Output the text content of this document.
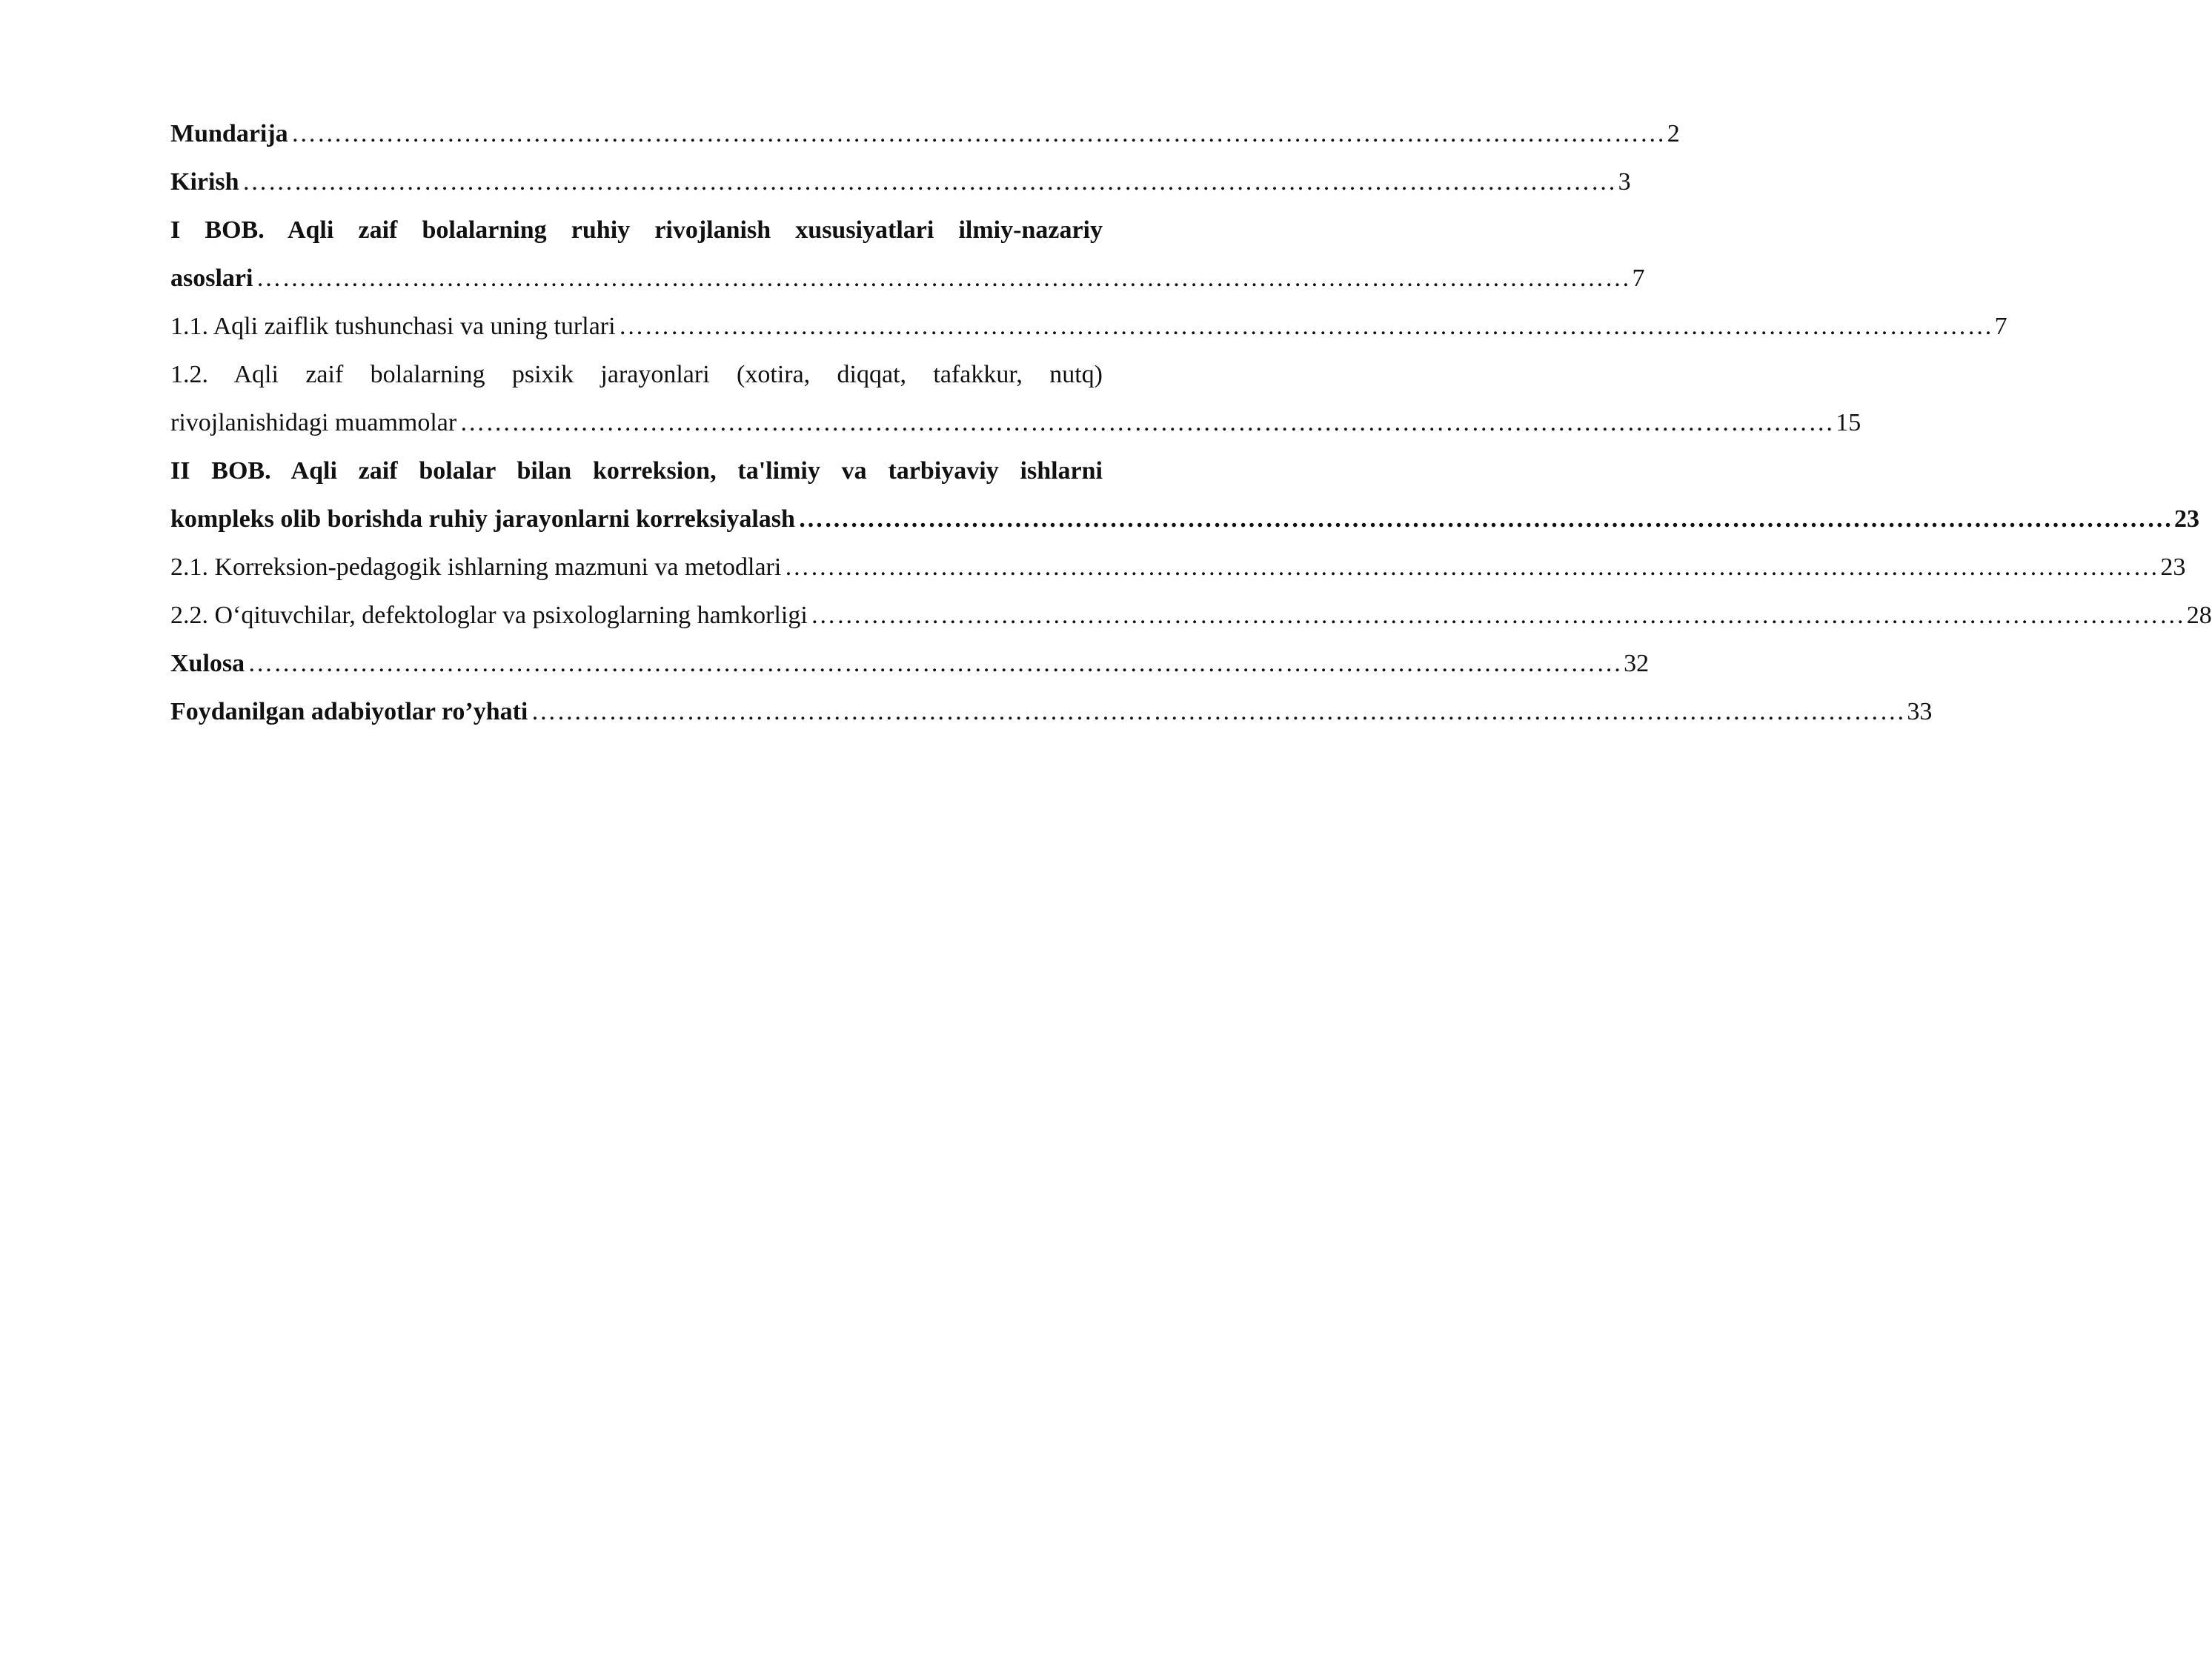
Mundarija …………………………………………………………………………………………………………………………………………… 2
Kirish …………………………………………………………………………………………………………………………………………… 3
I BOB. Aqli zaif bolalarning ruhiy rivojlanish xususiyatlari ilmiy-nazariy
asoslari …………………………………………………………………………………………………………………………………………… 7
1.1. Aqli zaiflik tushunchasi va uning turlari …………………………………………………………………………………………………………………………………………… 7
1.2. Aqli zaif bolalarning psixik jarayonlari (xotira, diqqat, tafakkur, nutq)
rivojlanishidagi muammolar …………………………………………………………………………………………………………………………………………… 15
II BOB. Aqli zaif bolalar bilan korreksion, ta'limiy va tarbiyaviy ishlarni
kompleks olib borishda ruhiy jarayonlarni korreksiyalash …………………………………………………………………………………………………………………………………………… 23
2.1. Korreksion-pedagogik ishlarning mazmuni va metodlari …………………………………………………………………………………………………………………………………………… 23
2.2. O‘qituvchilar, defektologlar va psixologlarning hamkorligi …………………………………………………………………………………………………………………………………………… 28
Xulosa …………………………………………………………………………………………………………………………………………… 32
Foydanilgan adabiyotlar ro’yhati …………………………………………………………………………………………………………………………………………… 33
